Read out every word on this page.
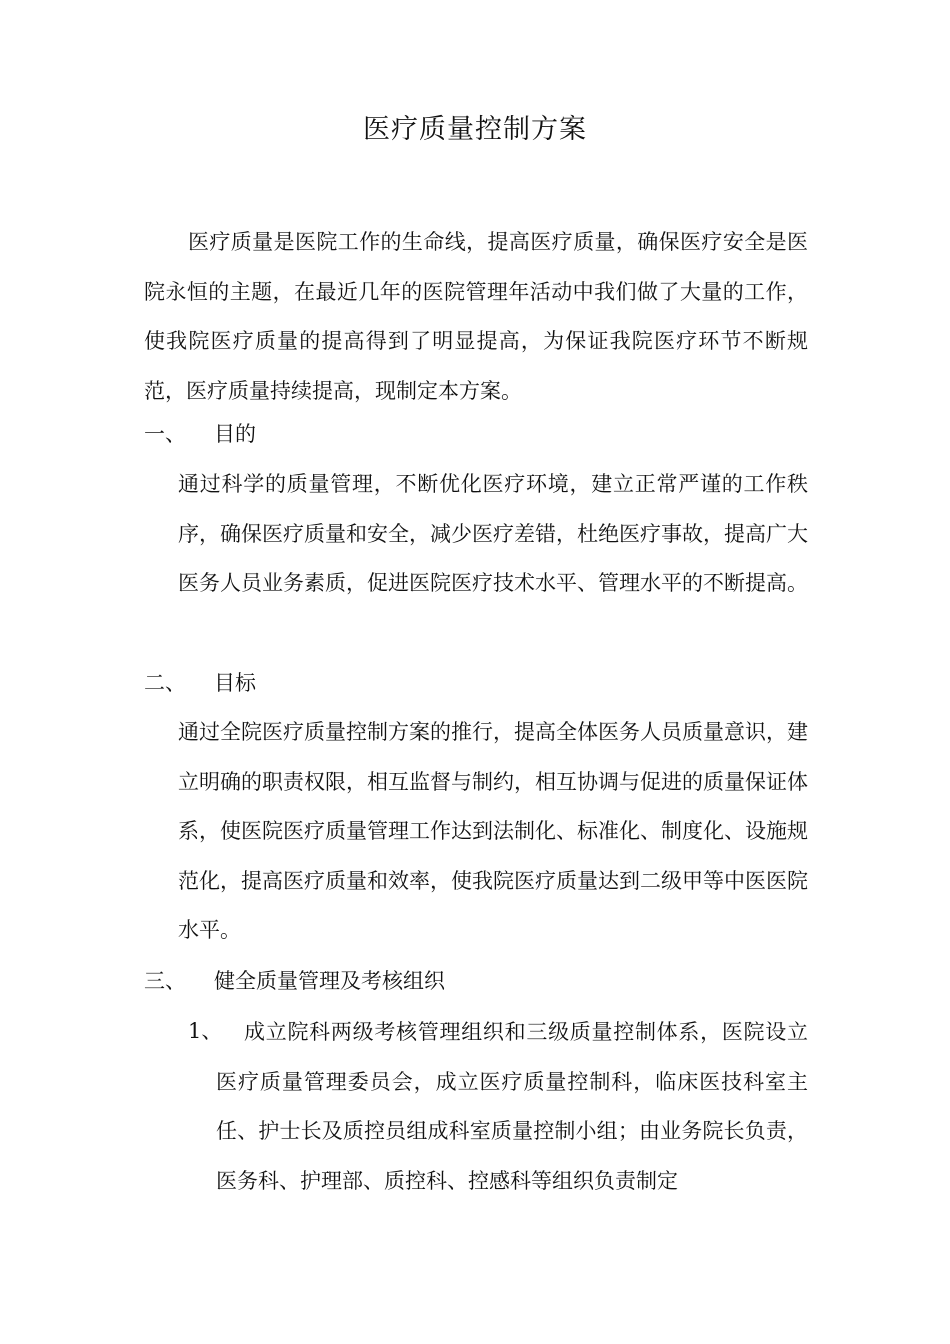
医疗质量控制方案
医疗质量是医院工作的生命线，提高医疗质量，确保医疗安全是医院永恒的主题，在最近几年的医院管理年活动中我们做了大量的工作，使我院医疗质量的提高得到了明显提高，为保证我院医疗环节不断规范，医疗质量持续提高，现制定本方案。
一、 目的
通过科学的质量管理，不断优化医疗环境，建立正常严谨的工作秩序，确保医疗质量和安全，减少医疗差错，杜绝医疗事故，提高广大医务人员业务素质，促进医院医疗技术水平、管理水平的不断提高。
二、 目标
通过全院医疗质量控制方案的推行，提高全体医务人员质量意识，建立明确的职责权限，相互监督与制约，相互协调与促进的质量保证体系，使医院医疗质量管理工作达到法制化、标准化、制度化、设施规范化，提高医疗质量和效率，使我院医疗质量达到二级甲等中医医院水平。
三、 健全质量管理及考核组织
1、	成立院科两级考核管理组织和三级质量控制体系，医院设立医疗质量管理委员会，成立医疗质量控制科，临床医技科室主任、护士长及质控员组成科室质量控制小组；由业务院长负责，医务科、护理部、质控科、控感科等组织负责制定
